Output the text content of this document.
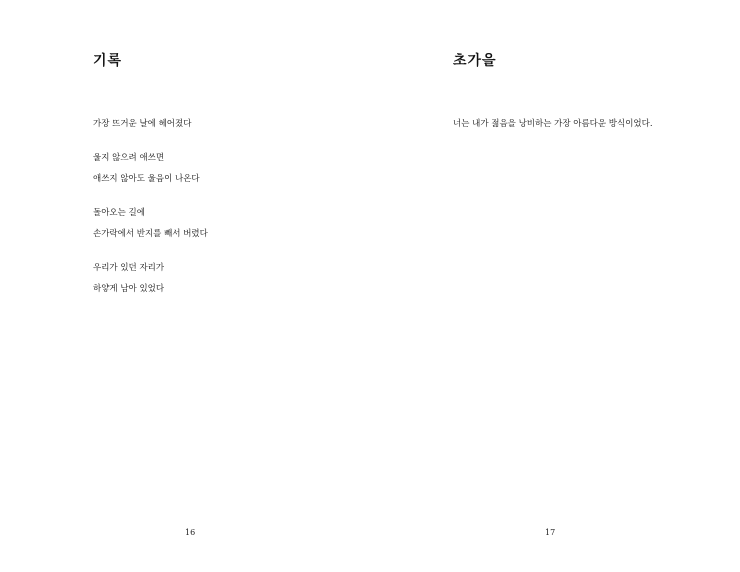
기록
가장 뜨거운 날에 헤어졌다
울지 않으려 애쓰면
애쓰지 않아도 울음이 나온다
돌아오는 길에
손가락에서 반지를 빼서 버렸다
우리가 있던 자리가
하얗게 남아 있었다
16
초가을
너는 내가 젊음을 낭비하는 가장 아름다운 방식이었다.
17
